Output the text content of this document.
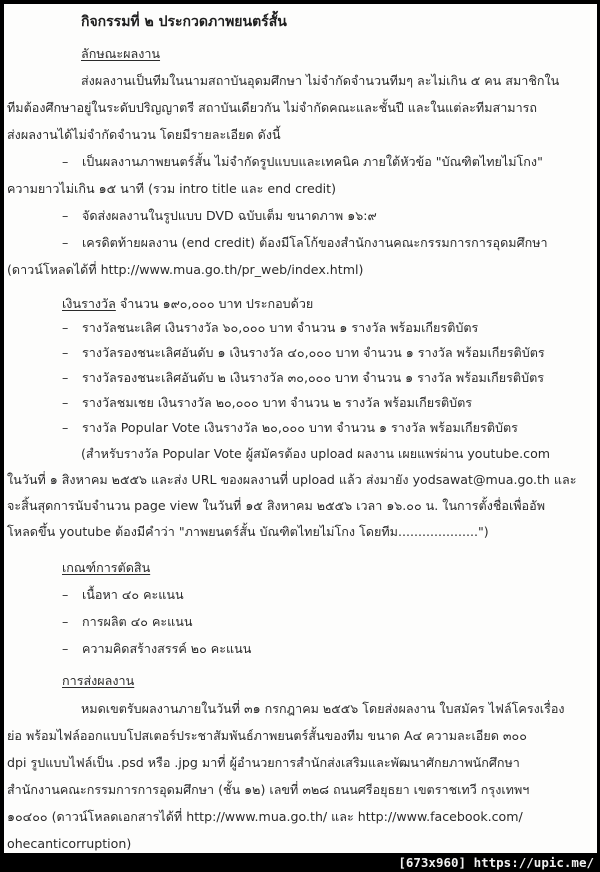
กิจกรรมที่ ๒ ประกวดภาพยนตร์สั้น
ลักษณะผลงาน
ส่งผลงานเป็นทีมในนามสถาบันอุดมศึกษา ไม่จำกัดจำนวนทีมๆ ละไม่เกิน ๕ คน สมาชิกใน
ทีมต้องศึกษาอยู่ในระดับปริญญาตรี สถาบันเดียวกัน ไม่จำกัดคณะและชั้นปี และในแต่ละทีมสามารถ
ส่งผลงานได้ไม่จำกัดจำนวน โดยมีรายละเอียด ดังนี้
– เป็นผลงานภาพยนตร์สั้น ไม่จำกัดรูปแบบและเทคนิค ภายใต้หัวข้อ "บัณฑิตไทยไม่โกง"
ความยาวไม่เกิน ๑๕ นาที (รวม intro title และ end credit)
– จัดส่งผลงานในรูปแบบ DVD ฉบับเต็ม ขนาดภาพ ๑๖:๙
– เครดิตท้ายผลงาน (end credit) ต้องมีโลโก้ของสำนักงานคณะกรรมการการอุดมศึกษา
(ดาวน์โหลดได้ที่ http://www.mua.go.th/pr_web/index.html)
เงินรางวัล จำนวน ๑๙๐,๐๐๐ บาท ประกอบด้วย
– รางวัลชนะเลิศ เงินรางวัล ๖๐,๐๐๐ บาท จำนวน ๑ รางวัล พร้อมเกียรติบัตร
– รางวัลรองชนะเลิศอันดับ ๑ เงินรางวัล ๔๐,๐๐๐ บาท จำนวน ๑ รางวัล พร้อมเกียรติบัตร
– รางวัลรองชนะเลิศอันดับ ๒ เงินรางวัล ๓๐,๐๐๐ บาท จำนวน ๑ รางวัล พร้อมเกียรติบัตร
– รางวัลชมเชย เงินรางวัล ๒๐,๐๐๐ บาท จำนวน ๒ รางวัล พร้อมเกียรติบัตร
– รางวัล Popular Vote เงินรางวัล ๒๐,๐๐๐ บาท จำนวน ๑ รางวัล พร้อมเกียรติบัตร
(สำหรับรางวัล Popular Vote ผู้สมัครต้อง upload ผลงาน เผยแพร่ผ่าน youtube.com
ในวันที่ ๑ สิงหาคม ๒๕๕๖ และส่ง URL ของผลงานที่ upload แล้ว ส่งมายัง yodsawat@mua.go.th และ
จะสิ้นสุดการนับจำนวน page view ในวันที่ ๑๕ สิงหาคม ๒๕๕๖ เวลา ๑๖.๐๐ น. ในการตั้งชื่อเพื่ออัพ
โหลดขึ้น youtube ต้องมีคำว่า "ภาพยนตร์สั้น บัณฑิตไทยไม่โกง โดยทีม....................")
เกณฑ์การตัดสิน
– เนื้อหา ๔๐ คะแนน
– การผลิต ๔๐ คะแนน
– ความคิดสร้างสรรค์ ๒๐ คะแนน
การส่งผลงาน
หมดเขตรับผลงานภายในวันที่ ๓๑ กรกฎาคม ๒๕๕๖ โดยส่งผลงาน ใบสมัคร ไฟล์โครงเรื่อง
ย่อ พร้อมไฟล์ออกแบบโปสเตอร์ประชาสัมพันธ์ภาพยนตร์สั้นของทีม ขนาด A๔ ความละเอียด ๓๐๐
dpi รูปแบบไฟล์เป็น .psd หรือ .jpg มาที่ ผู้อำนวยการสำนักส่งเสริมและพัฒนาศักยภาพนักศึกษา
สำนักงานคณะกรรมการการอุดมศึกษา (ชั้น ๑๒) เลขที่ ๓๒๘ ถนนศรีอยุธยา เขตราชเทวี กรุงเทพฯ
๑๐๔๐๐ (ดาวน์โหลดเอกสารได้ที่ http://www.mua.go.th/ และ http://www.facebook.com/
ohecanticorruption)
[673x960] https://upic.me/
